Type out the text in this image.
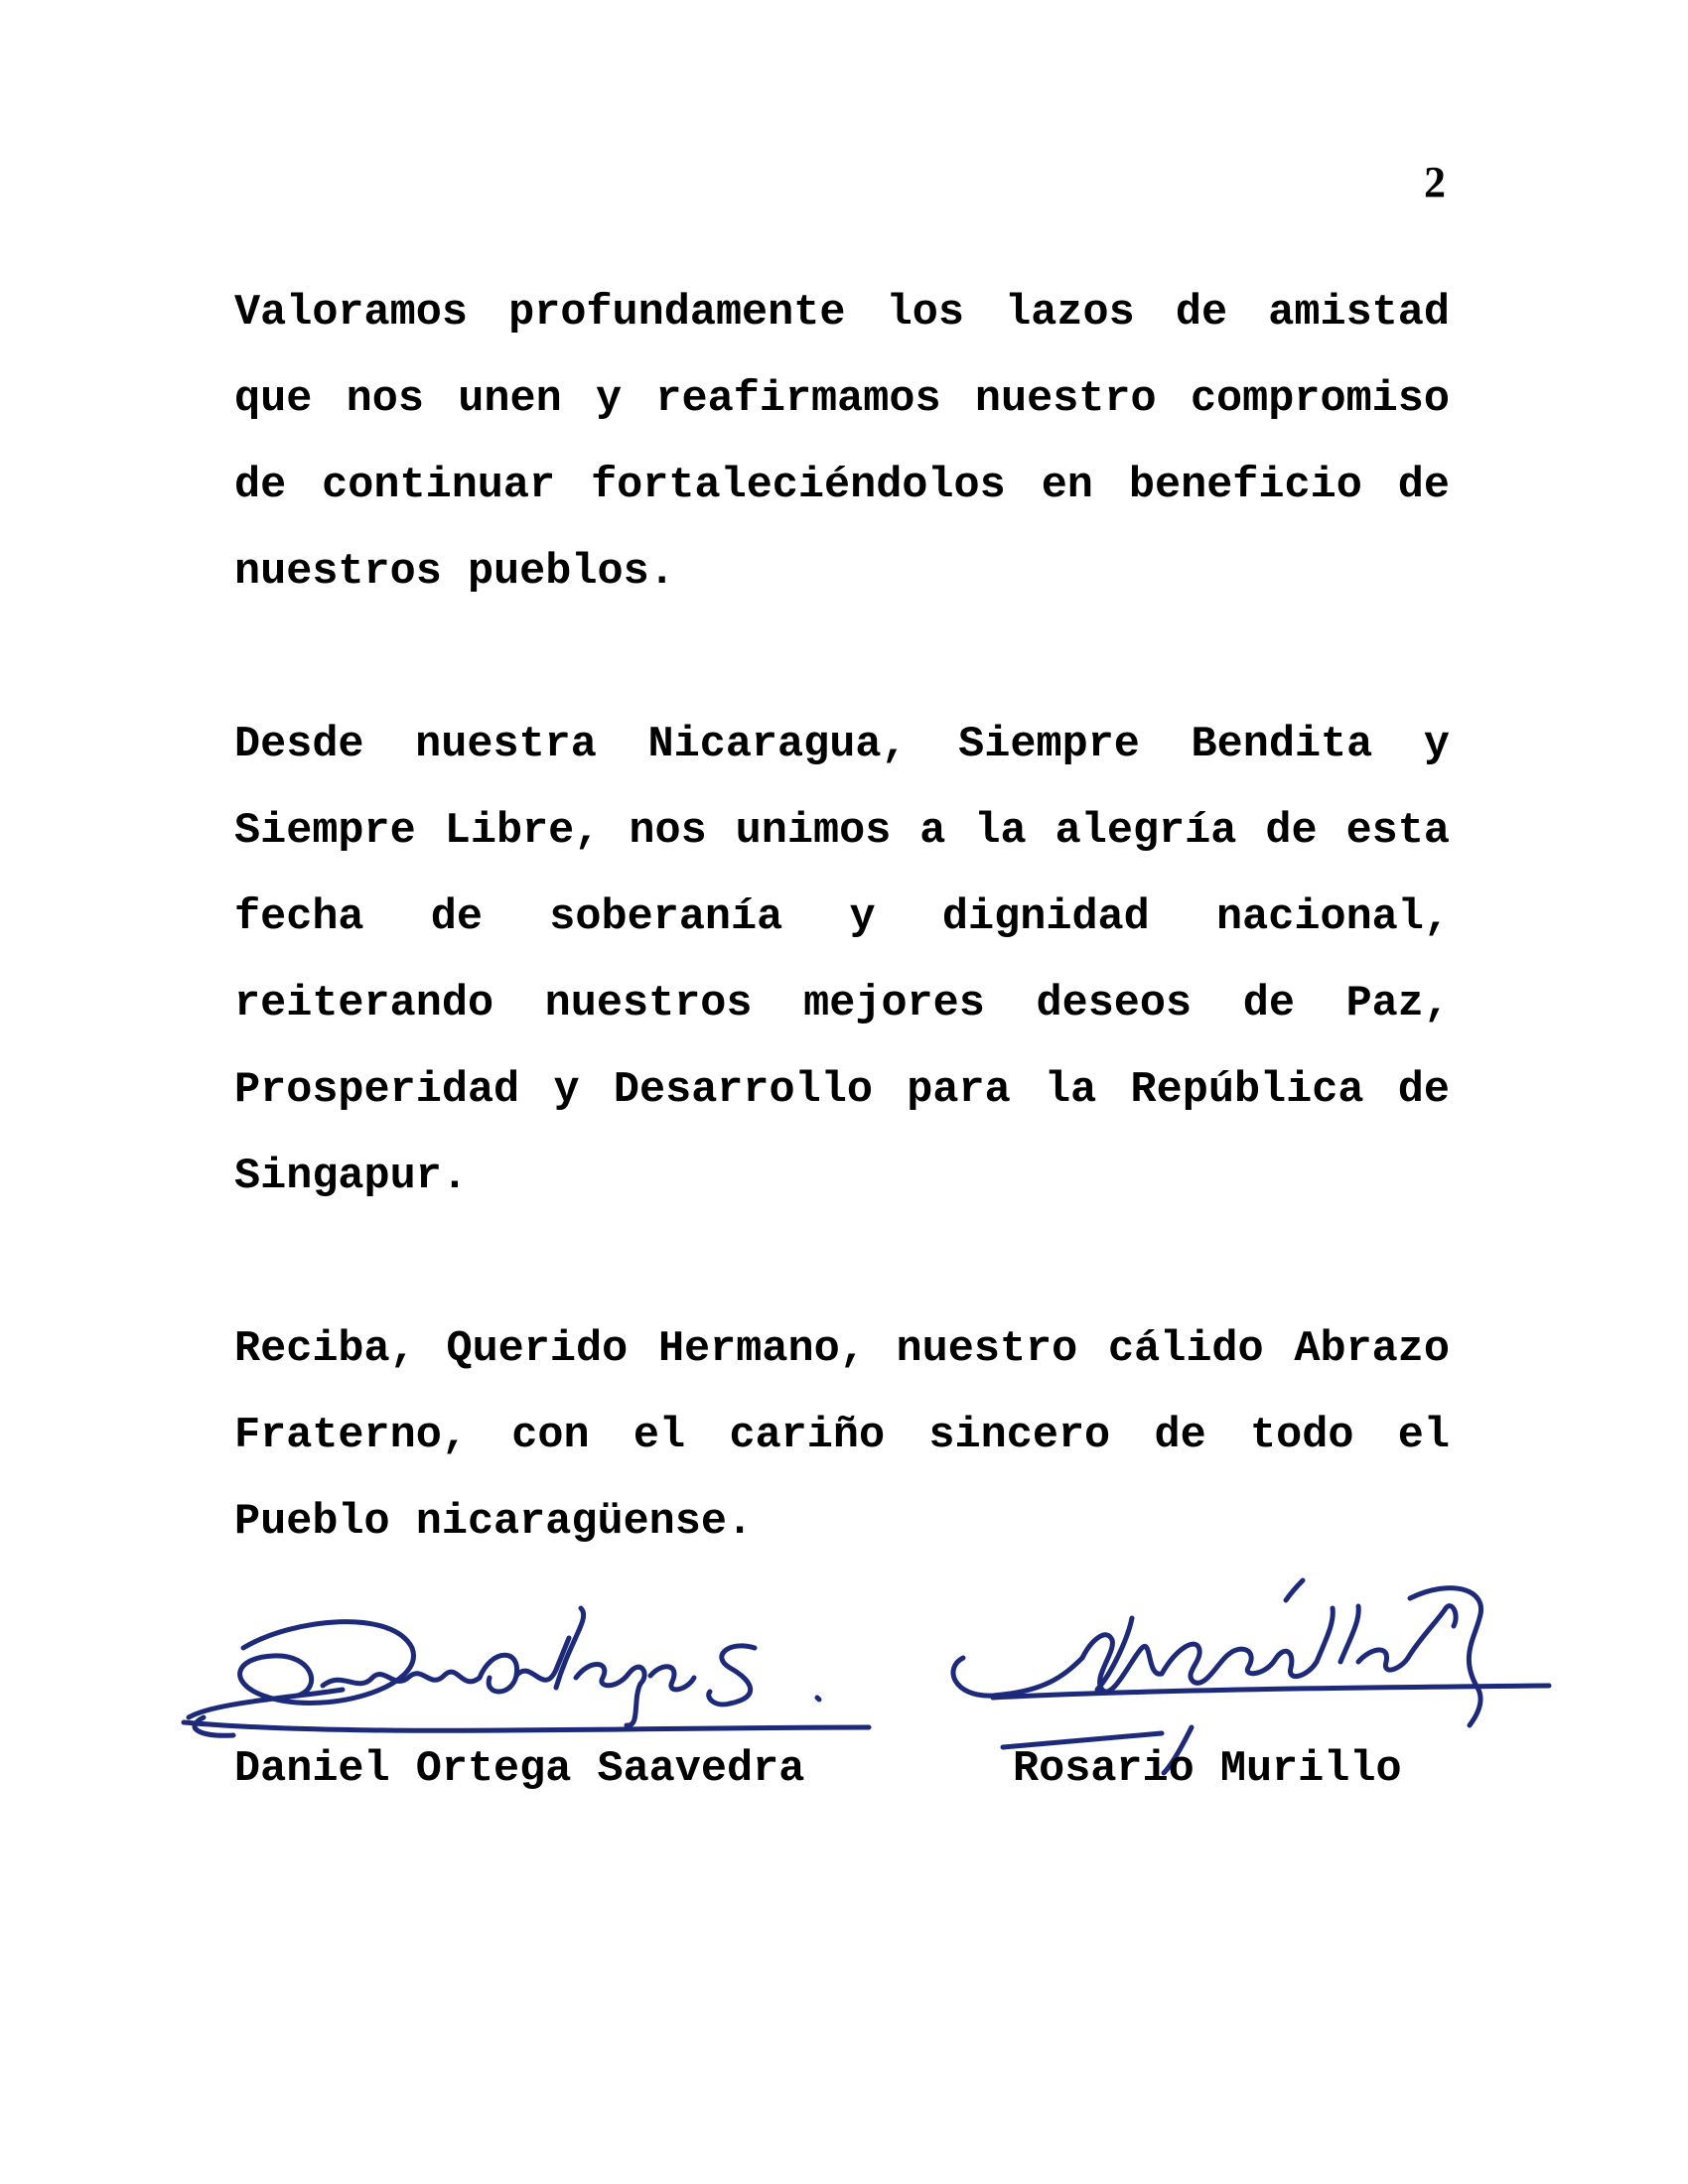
2

Valoramos profundamente los lazos de amistad que nos unen y reafirmamos nuestro compromiso de continuar fortaleciéndolos en beneficio de nuestros pueblos.

Desde nuestra Nicaragua, Siempre Bendita y Siempre Libre, nos unimos a la alegría de esta fecha de soberanía y dignidad nacional, reiterando nuestros mejores deseos de Paz, Prosperidad y Desarrollo para la República de Singapur.

Reciba, Querido Hermano, nuestro cálido Abrazo Fraterno, con el cariño sincero de todo el Pueblo nicaragüense.

Daniel Ortega Saavedra	Rosario Murillo
